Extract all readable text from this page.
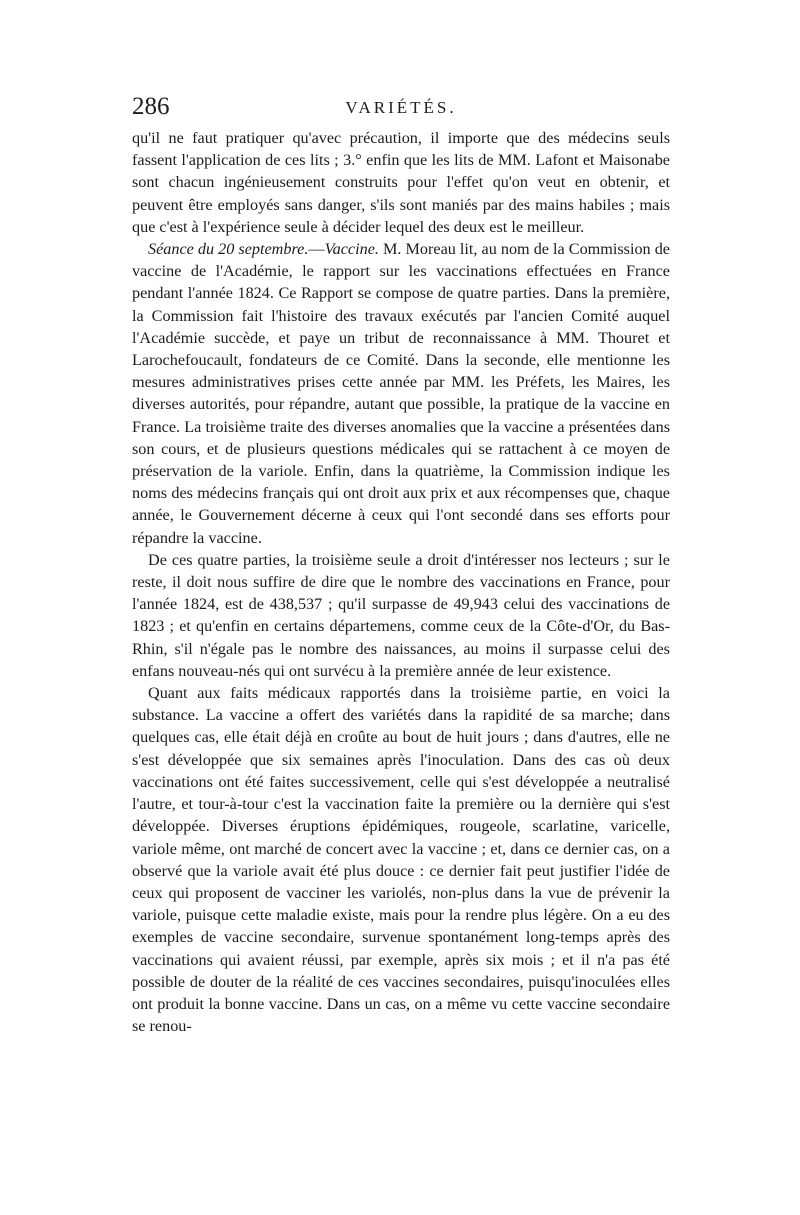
286	VARIÉTÉS.

qu'il ne faut pratiquer qu'avec précaution, il importe que des médecins seuls fassent l'application de ces lits ; 3.° enfin que les lits de MM. Lafont et Maisonabe sont chacun ingénieusement construits pour l'effet qu'on veut en obtenir, et peuvent être employés sans danger, s'ils sont maniés par des mains habiles ; mais que c'est à l'expérience seule à décider lequel des deux est le meilleur.

Séance du 20 septembre.—Vaccine. M. Moreau lit, au nom de la Commission de vaccine de l'Académie, le rapport sur les vaccinations effectuées en France pendant l'année 1824. Ce Rapport se compose de quatre parties. Dans la première, la Commission fait l'histoire des travaux exécutés par l'ancien Comité auquel l'Académie succède, et paye un tribut de reconnaissance à MM. Thouret et Larochefoucault, fondateurs de ce Comité. Dans la seconde, elle mentionne les mesures administratives prises cette année par MM. les Préfets, les Maires, les diverses autorités, pour répandre, autant que possible, la pratique de la vaccine en France. La troisième traite des diverses anomalies que la vaccine a présentées dans son cours, et de plusieurs questions médicales qui se rattachent à ce moyen de préservation de la variole. Enfin, dans la quatrième, la Commission indique les noms des médecins français qui ont droit aux prix et aux récompenses que, chaque année, le Gouvernement décerne à ceux qui l'ont secondé dans ses efforts pour répandre la vaccine.

De ces quatre parties, la troisième seule a droit d'intéresser nos lecteurs ; sur le reste, il doit nous suffire de dire que le nombre des vaccinations en France, pour l'année 1824, est de 438,537 ; qu'il surpasse de 49,943 celui des vaccinations de 1823 ; et qu'enfin en certains départemens, comme ceux de la Côte-d'Or, du Bas-Rhin, s'il n'égale pas le nombre des naissances, au moins il surpasse celui des enfans nouveau-nés qui ont survécu à la première année de leur existence.

Quant aux faits médicaux rapportés dans la troisième partie, en voici la substance. La vaccine a offert des variétés dans la rapidité de sa marche; dans quelques cas, elle était déjà en croûte au bout de huit jours ; dans d'autres, elle ne s'est développée que six semaines après l'inoculation. Dans des cas où deux vaccinations ont été faites successivement, celle qui s'est développée a neutralisé l'autre, et tour-à-tour c'est la vaccination faite la première ou la dernière qui s'est développée. Diverses éruptions épidémiques, rougeole, scarlatine, varicelle, variole même, ont marché de concert avec la vaccine ; et, dans ce dernier cas, on a observé que la variole avait été plus douce : ce dernier fait peut justifier l'idée de ceux qui proposent de vacciner les variolés, non-plus dans la vue de prévenir la variole, puisque cette maladie existe, mais pour la rendre plus légère. On a eu des exemples de vaccine secondaire, survenue spontanément long-temps après des vaccinations qui avaient réussi, par exemple, après six mois ; et il n'a pas été possible de douter de la réalité de ces vaccines secondaires, puisqu'inoculées elles ont produit la bonne vaccine. Dans un cas, on a même vu cette vaccine secondaire se renou-
